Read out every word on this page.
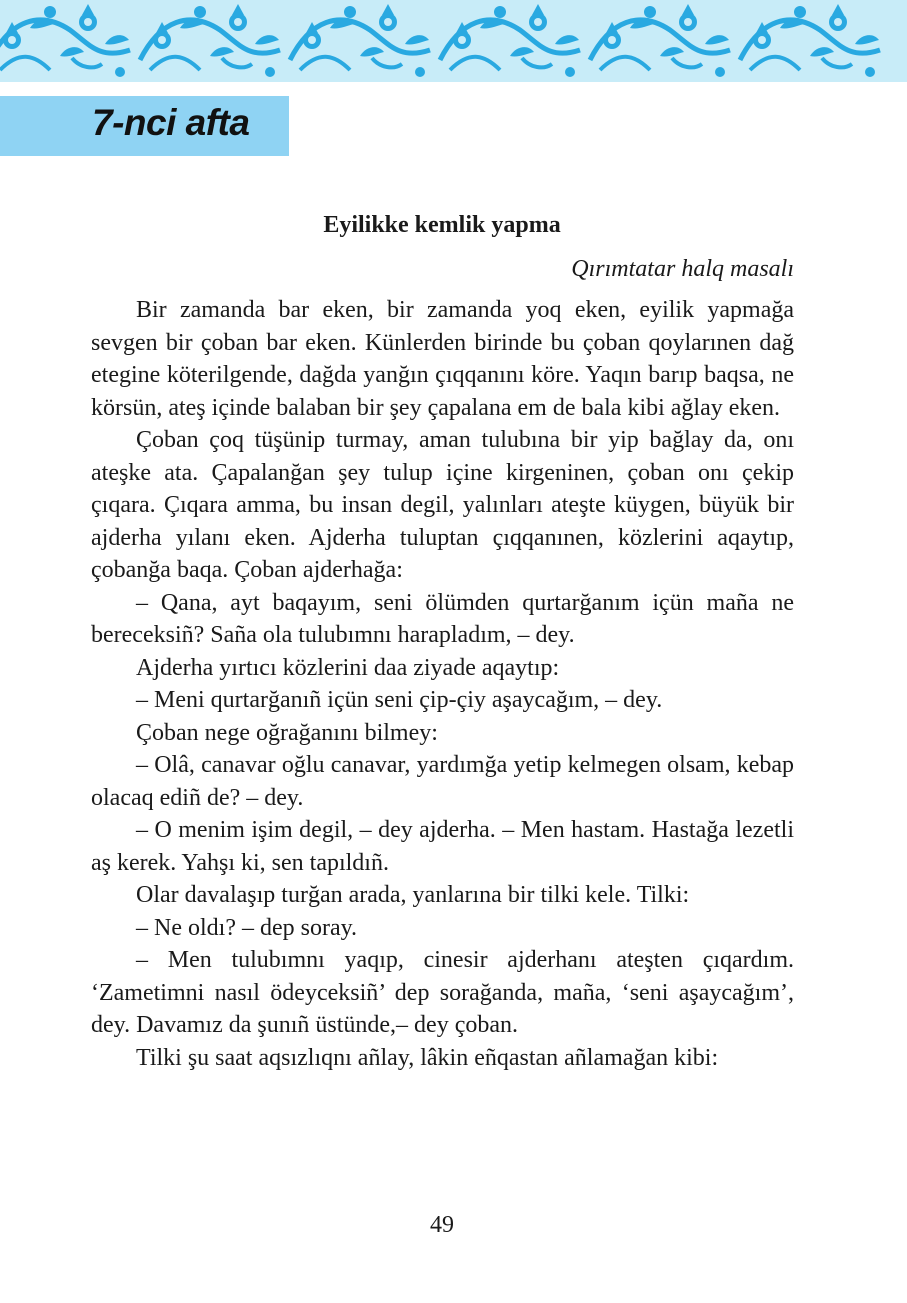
7-nci afta
Eyilikke kemlik yapma
Qırımtatar halq masalı

Bir zamanda bar eken, bir zamanda yoq eken, eyilik yapmağa sevgen bir çoban bar eken. Künlerden birinde bu çoban qoylarınen dağ etegine köterilgende, dağda yanğın çıqqanını köre. Yaqın barıp baqsa, ne körsün, ateş içinde balaban bir şey çapalana em de bala kibi ağlay eken.

Çoban çoq tüşünip turmay, aman tulubına bir yip bağlay da, onı ateşke ata. Çapalanğan şey tulup içine kirgeninen, çoban onı çekip çıqara. Çıqara amma, bu insan degil, yalınları ateşte küygen, büyük bir ajderha yılanı eken. Ajderha tuluptan çıqqanınen, közlerini aqaytıp, çobanğa baqa. Çoban ajderhağa:

– Qana, ayt baqayım, seni ölümden qurtarğanım içün maña ne bereceksiñ? Saña ola tulubımnı harapladım, – dey.

Ajderha yırtıcı közlerini daa ziyade aqaytıp:

– Meni qurtarğanıñ içün seni çip-çiy aşaycağım, – dey.

Çoban nege oğrağanını bilmey:

– Olâ, canavar oğlu canavar, yardımğa yetip kelmegen olsam, kebap olacaq ediñ de? – dey.

– O menim işim degil, – dey ajderha. – Men hastam. Hastağa lezetli aş kerek. Yahşı ki, sen tapıldıñ.

Olar davalaşıp turğan arada, yanlarına bir tilki kele. Tilki:

– Ne oldı? – dep soray.

– Men tulubımnı yaqıp, cinesir ajderhanı ateşten çıqardım. ‘Zametimni nasıl ödeyceksiñ’ dep sorağanda, maña, ‘seni aşaycağım’, dey. Davamız da şunıñ üstünde,– dey çoban.

Tilki şu saat aqsızlıqnı añlay, lâkin eñqastan añlamağan kibi:

49
